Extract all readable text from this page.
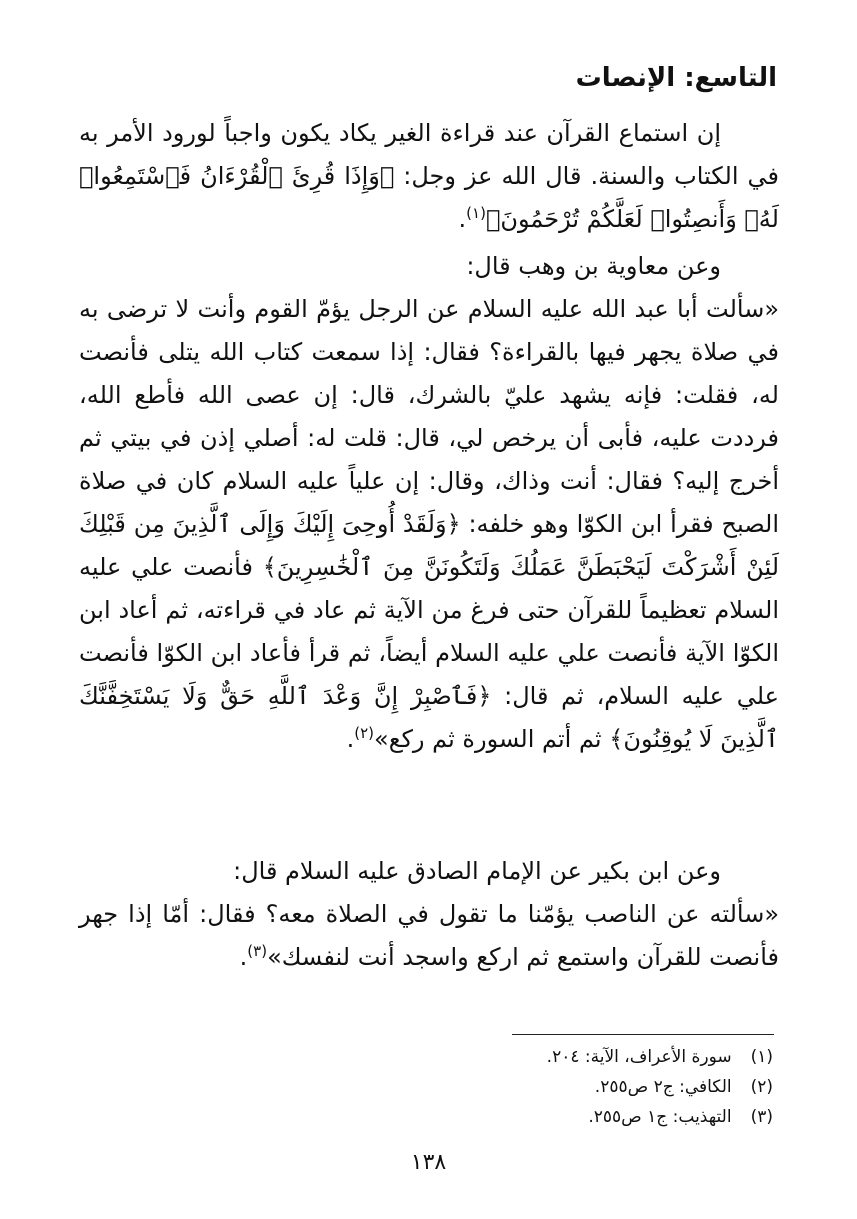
التاسع: الإنصات

إن استماع القرآن عند قراءة الغير يكاد يكون واجباً لورود الأمر به في الكتاب والسنة. قال الله عز وجل: ﴿وَإِذَا قُرِئَ ٱلْقُرْءَانُ فَٱسْتَمِعُوا۟ لَهُۥ وَأَنصِتُوا۟ لَعَلَّكُمْ تُرْحَمُونَ﴾$^{(١)}$.

وعن معاوية بن وهب قال:

«سألت أبا عبد الله عليه السلام عن الرجل يؤمّ القوم وأنت لا ترضى به في صلاة يجهر فيها بالقراءة؟ فقال: إذا سمعت كتاب الله يتلى فأنصت له، فقلت: فإنه يشهد عليّ بالشرك، قال: إن عصى الله فأطع الله، فرددت عليه، فأبى أن يرخص لي، قال: قلت له: أصلي إذن في بيتي ثم أخرج إليه؟ فقال: أنت وذاك، وقال: إن علياً عليه السلام كان في صلاة الصبح فقرأ ابن الكوّا وهو خلفه: ﴿وَلَقَدْ أُوحِىَ إِلَيْكَ وَإِلَى ٱلَّذِينَ مِن قَبْلِكَ لَئِنْ أَشْرَكْتَ لَيَحْبَطَنَّ عَمَلُكَ وَلَتَكُونَنَّ مِنَ ٱلْخَٰسِرِينَ﴾ فأنصت علي عليه السلام تعظيماً للقرآن حتى فرغ من الآية ثم عاد في قراءته، ثم أعاد ابن الكوّا الآية فأنصت علي عليه السلام أيضاً، ثم قرأ فأعاد ابن الكوّا فأنصت علي عليه السلام، ثم قال: ﴿فَٱصْبِرْ إِنَّ وَعْدَ ٱللَّهِ حَقٌّ وَلَا يَسْتَخِفَّنَّكَ ٱلَّذِينَ لَا يُوقِنُونَ﴾ ثم أتم السورة ثم ركع»$^{(٢)}$.

وعن ابن بكير عن الإمام الصادق عليه السلام قال:

«سألته عن الناصب يؤمّنا ما تقول في الصلاة معه؟ فقال: أمّا إذا جهر فأنصت للقرآن واستمع ثم اركع واسجد أنت لنفسك»$^{(٣)}$.

(١) سورة الأعراف، الآية: ٢٠٤.
(٢) الكافي: ج٢ ص٢٥٥.
(٣) التهذيب: ج١ ص٢٥٥.
١٣٨
